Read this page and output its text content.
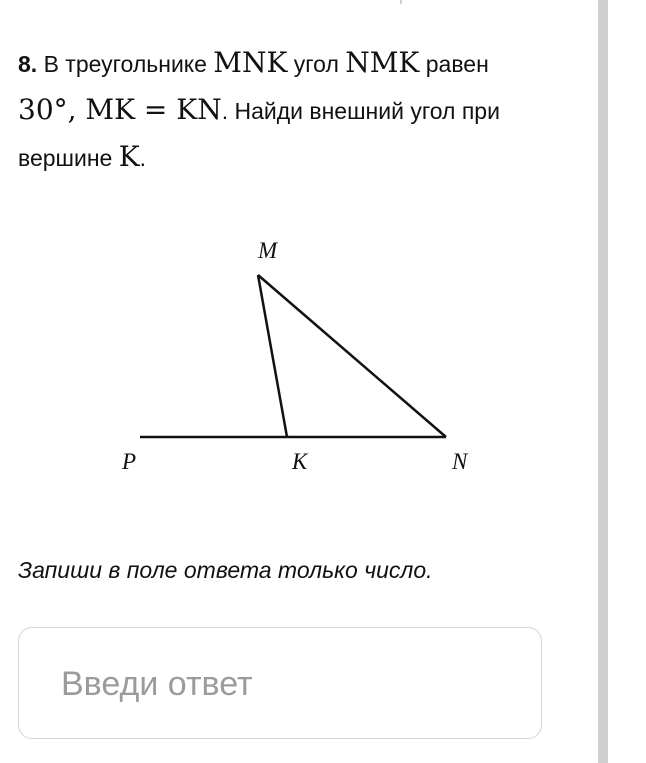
8. В треугольнике MNK угол NMK равен
30°, MK = KN. Найди внешний угол при
вершине K.
M
P	K	N
Запиши в поле ответа только число.
Введи ответ
